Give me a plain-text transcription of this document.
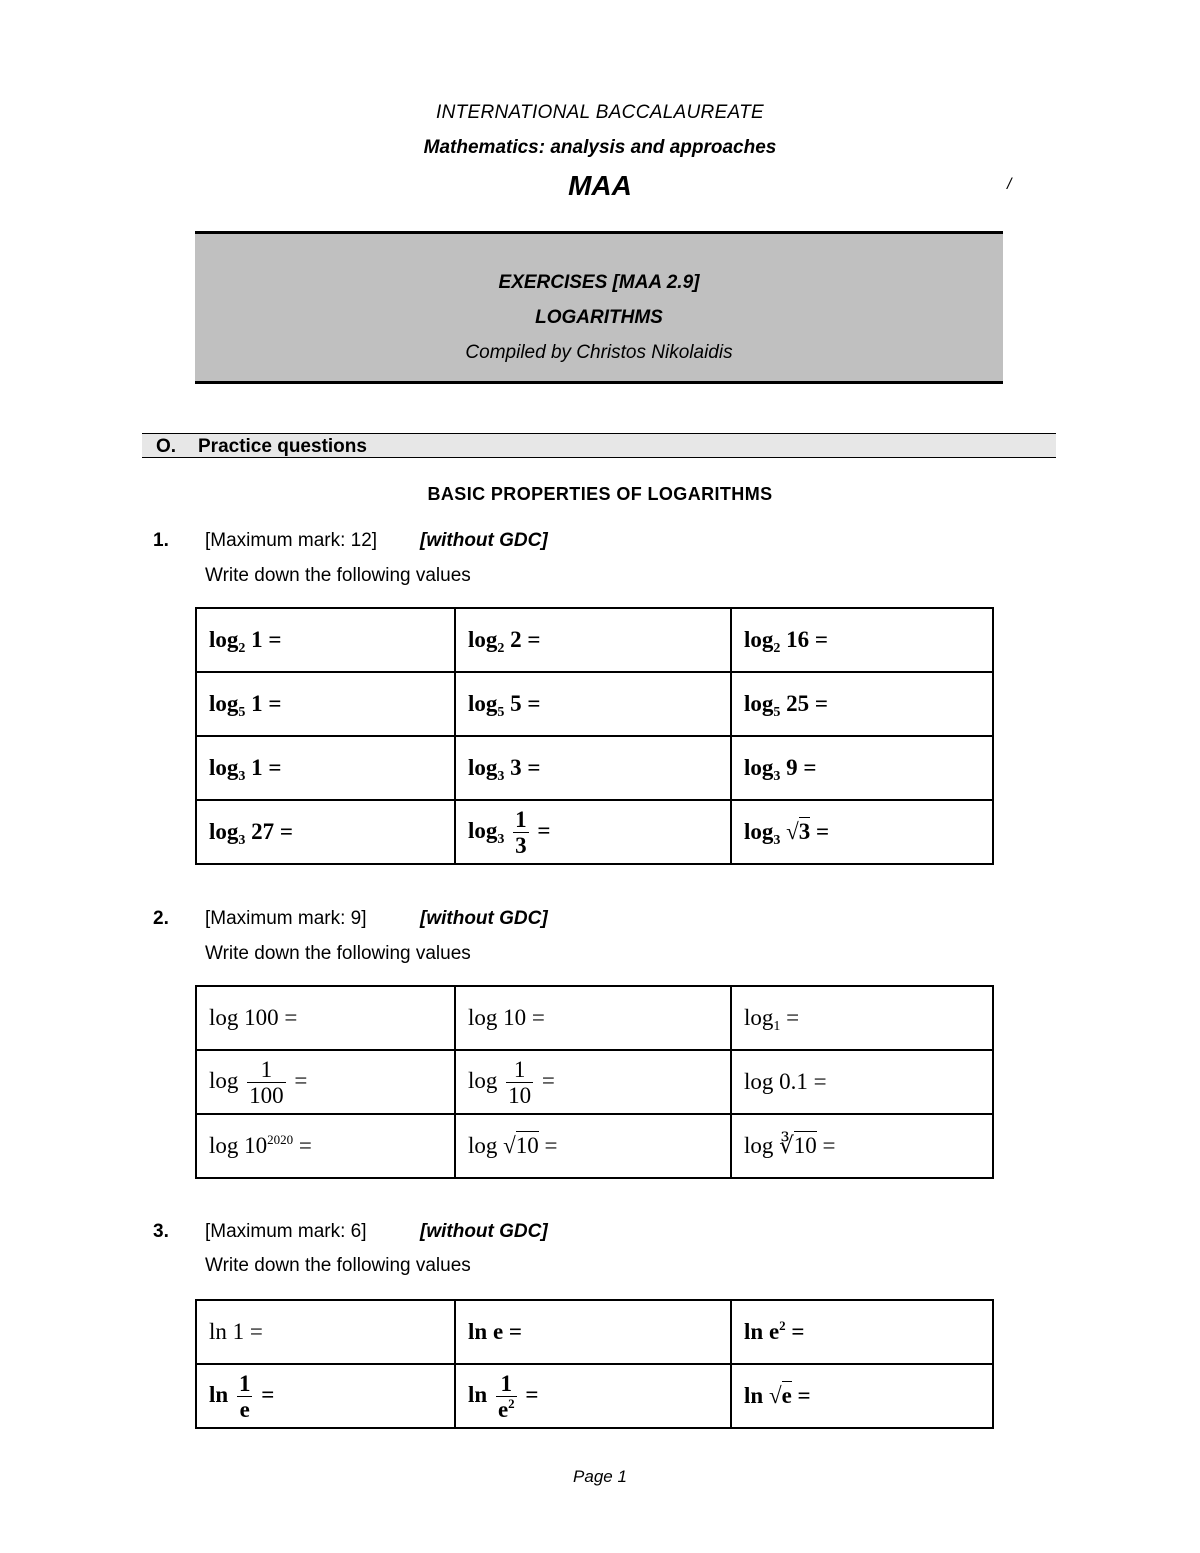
INTERNATIONAL BACCALAUREATE
Mathematics: analysis and approaches
MAA	/
EXERCISES [MAA 2.9]
LOGARITHMS
Compiled by Christos Nikolaidis
O. Practice questions
BASIC PROPERTIES OF LOGARITHMS
1. [Maximum mark: 12] [without GDC]
Write down the following values
$\log_2 1$ =	$\log_2 2$ =	$\log_2 16$ =
$\log_5 1$ =	$\log_5 5$ =	$\log_5 25$ =
$\log_3 1$ =	$\log_3 3$ =	$\log_3 9$ =
$\log_3 27$ =	$\log_3 \frac{1}{3}$ =	$\log_3 √3$ =
2. [Maximum mark: 9]	[without GDC]
Write down the following values
log 100 =	log 10 =	$\log_1$ =
$\log \frac{1}{100}$ =	$\log \frac{1}{10}$ =	log 0.1 =
$\log 10^{2020}$ =	log √10 =	log ∛10 =
3. [Maximum mark: 6]	[without GDC]
Write down the following values
ln 1 =	ln e =	$\ln e^2$ =
$\ln \frac{1}{e}$ =	$\ln \frac{1}{e^2}$ =	ln √e =
Page 1
